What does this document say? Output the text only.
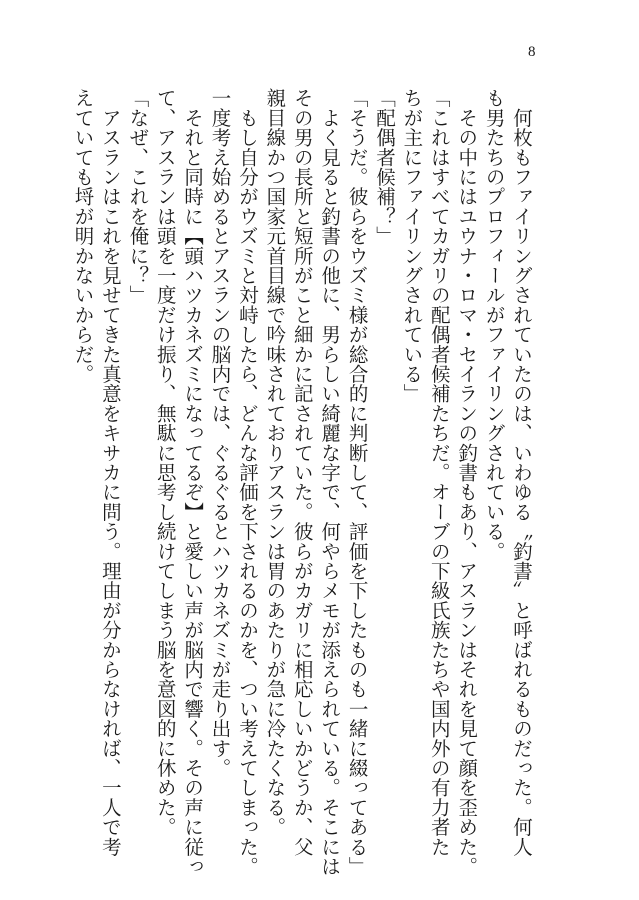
8
　何枚もファイリングされていたのは、いわゆる〝釣書〟と呼ばれるものだった。何人
も男たちのプロフィールがファイリングされている。
　その中にはユウナ・ロマ・セイランの釣書もあり、アスランはそれを見て顔を歪めた。
「これはすべてカガリの配偶者候補たちだ。オーブの下級氏族たちや国内外の有力者た
ちが主にファイリングされている」
「配偶者候補？」
「そうだ。彼らをウズミ様が総合的に判断して、評価を下したものも一緒に綴ってある」
　よく見ると釣書の他に、男らしい綺麗な字で、何やらメモが添えられている。そこには
その男の長所と短所がこと細かに記されていた。彼らがカガリに相応しいかどうか、父
親目線かつ国家元首目線で吟味されておりアスランは胃のあたりが急に冷たくなる。
　もし自分がウズミと対峙したら、どんな評価を下されるのかを、つい考えてしまった。
一度考え始めるとアスランの脳内では、ぐるぐるとハツカネズミが走り出す。
　それと同時に【頭ハツカネズミになってるぞ】と愛しい声が脳内で響く。その声に従っ
て、アスランは頭を一度だけ振り、無駄に思考し続けてしまう脳を意図的に休めた。
「なぜ、これを俺に？」
　アスランはこれを見せてきた真意をキサカに問う。理由が分からなければ、一人で考
えていても埒が明かないからだ。
